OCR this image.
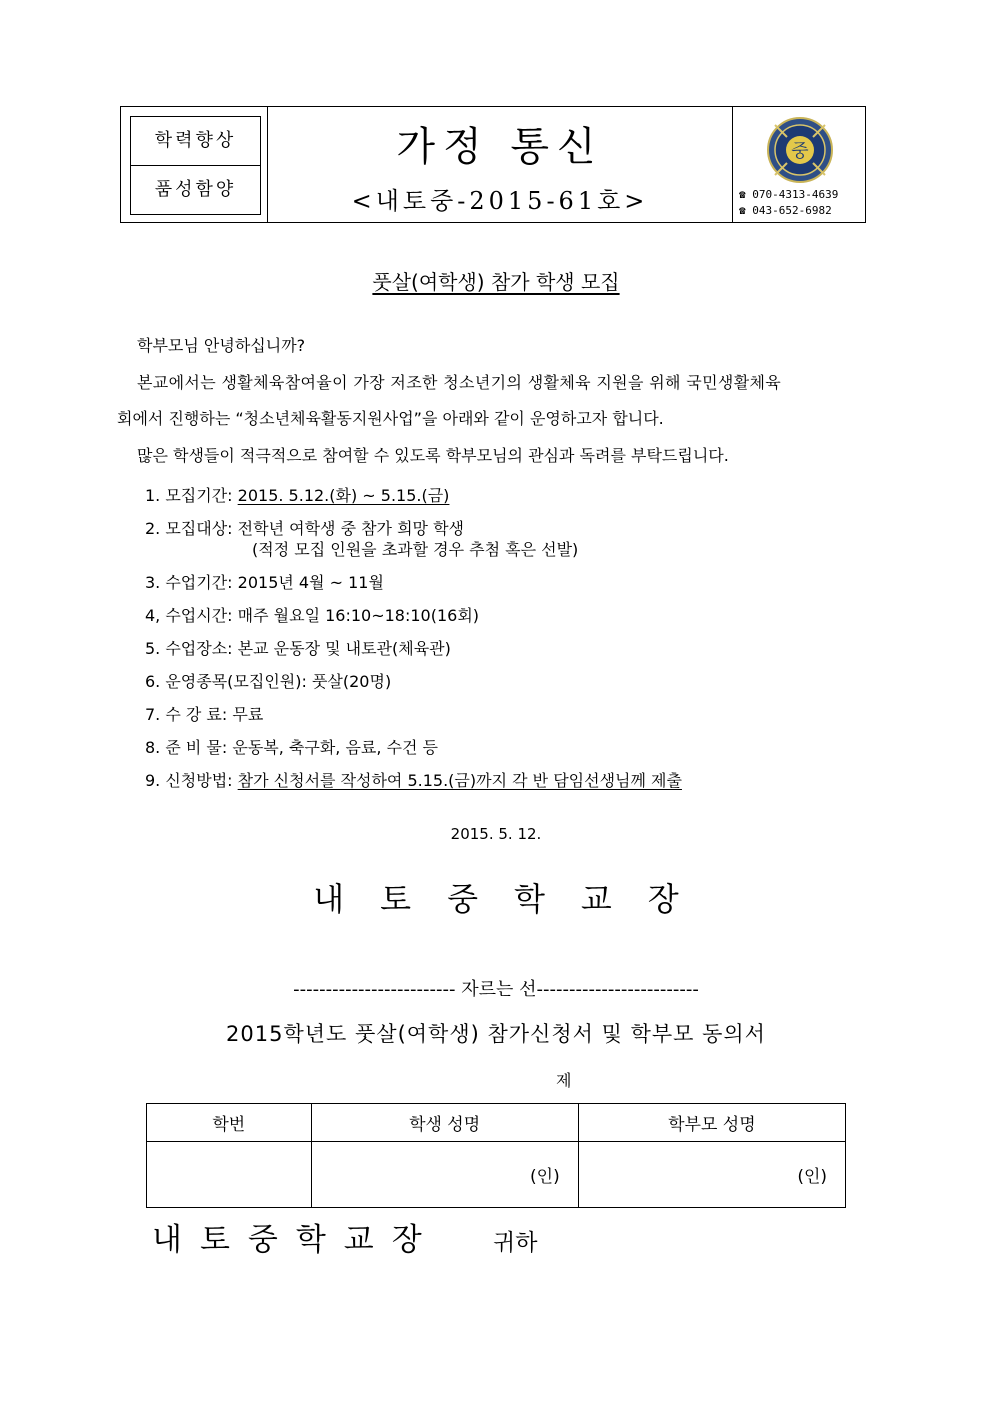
학력향상
품성함양
가정 통신
<내토중-2015-61호>
중
☎ 070-4313-4639
☎ 043-652-6982
풋살(여학생) 참가 학생 모집
학부모님 안녕하십니까?
본교에서는 생활체육참여율이 가장 저조한 청소년기의 생활체육 지원을 위해 국민생활체육
회에서 진행하는 “청소년체육활동지원사업”을 아래와 같이 운영하고자 합니다.
많은 학생들이 적극적으로 참여할 수 있도록 학부모님의 관심과 독려를 부탁드립니다.
1. 모집기간: 2015. 5.12.(화) ~ 5.15.(금)
2. 모집대상: 전학년 여학생 중 참가 희망 학생
(적정 모집 인원을 초과할 경우 추첨 혹은 선발)
3. 수업기간: 2015년 4월 ~ 11월
4, 수업시간: 매주 월요일 16:10~18:10(16회)
5. 수업장소: 본교 운동장 및 내토관(체육관)
6. 운영종목(모집인원): 풋살(20명)
7. 수 강 료: 무료
8. 준 비 물: 운동복, 축구화, 음료, 수건 등
9. 신청방법: 참가 신청서를 작성하여 5.15.(금)까지 각 반 담임선생님께 제출
2015. 5. 12.
내토중학교장
------------------------- 자르는 선-------------------------
2015학년도 풋살(여학생) 참가신청서 및 학부모 동의서
제
학번	학생 성명	학부모 성명
	(인)	(인)
내토중학교장 귀하
